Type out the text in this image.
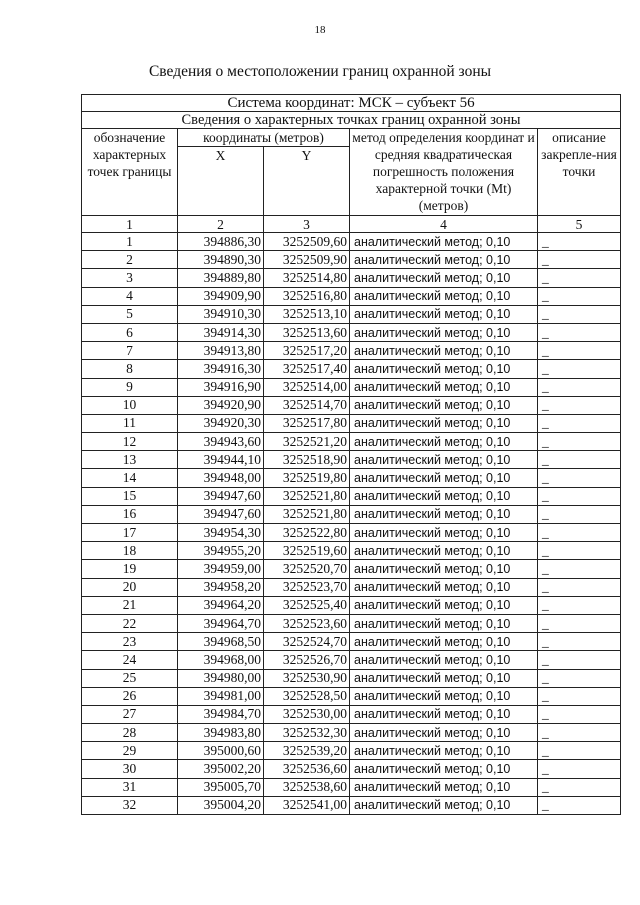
18
Сведения о местоположении границ охранной зоны
Система координат: МСК – субъект 56				
Сведения о характерных точках границ охранной зоны				
обозначение характерных точек границы	координаты (метров)		метод определения координат и средняя квадратическая погрешность положения характерной точки (Mt) (метров)	описание закрепле-ния точки
	X	Y		
1	2	3	4	5
1	394886,30	3252509,60	аналитический метод; 0,10	_
2	394890,30	3252509,90	аналитический метод; 0,10	_
3	394889,80	3252514,80	аналитический метод; 0,10	_
4	394909,90	3252516,80	аналитический метод; 0,10	_
5	394910,30	3252513,10	аналитический метод; 0,10	_
6	394914,30	3252513,60	аналитический метод; 0,10	_
7	394913,80	3252517,20	аналитический метод; 0,10	_
8	394916,30	3252517,40	аналитический метод; 0,10	_
9	394916,90	3252514,00	аналитический метод; 0,10	_
10	394920,90	3252514,70	аналитический метод; 0,10	_
11	394920,30	3252517,80	аналитический метод; 0,10	_
12	394943,60	3252521,20	аналитический метод; 0,10	_
13	394944,10	3252518,90	аналитический метод; 0,10	_
14	394948,00	3252519,80	аналитический метод; 0,10	_
15	394947,60	3252521,80	аналитический метод; 0,10	_
16	394947,60	3252521,80	аналитический метод; 0,10	_
17	394954,30	3252522,80	аналитический метод; 0,10	_
18	394955,20	3252519,60	аналитический метод; 0,10	_
19	394959,00	3252520,70	аналитический метод; 0,10	_
20	394958,20	3252523,70	аналитический метод; 0,10	_
21	394964,20	3252525,40	аналитический метод; 0,10	_
22	394964,70	3252523,60	аналитический метод; 0,10	_
23	394968,50	3252524,70	аналитический метод; 0,10	_
24	394968,00	3252526,70	аналитический метод; 0,10	_
25	394980,00	3252530,90	аналитический метод; 0,10	_
26	394981,00	3252528,50	аналитический метод; 0,10	_
27	394984,70	3252530,00	аналитический метод; 0,10	_
28	394983,80	3252532,30	аналитический метод; 0,10	_
29	395000,60	3252539,20	аналитический метод; 0,10	_
30	395002,20	3252536,60	аналитический метод; 0,10	_
31	395005,70	3252538,60	аналитический метод; 0,10	_
32	395004,20	3252541,00	аналитический метод; 0,10	_
